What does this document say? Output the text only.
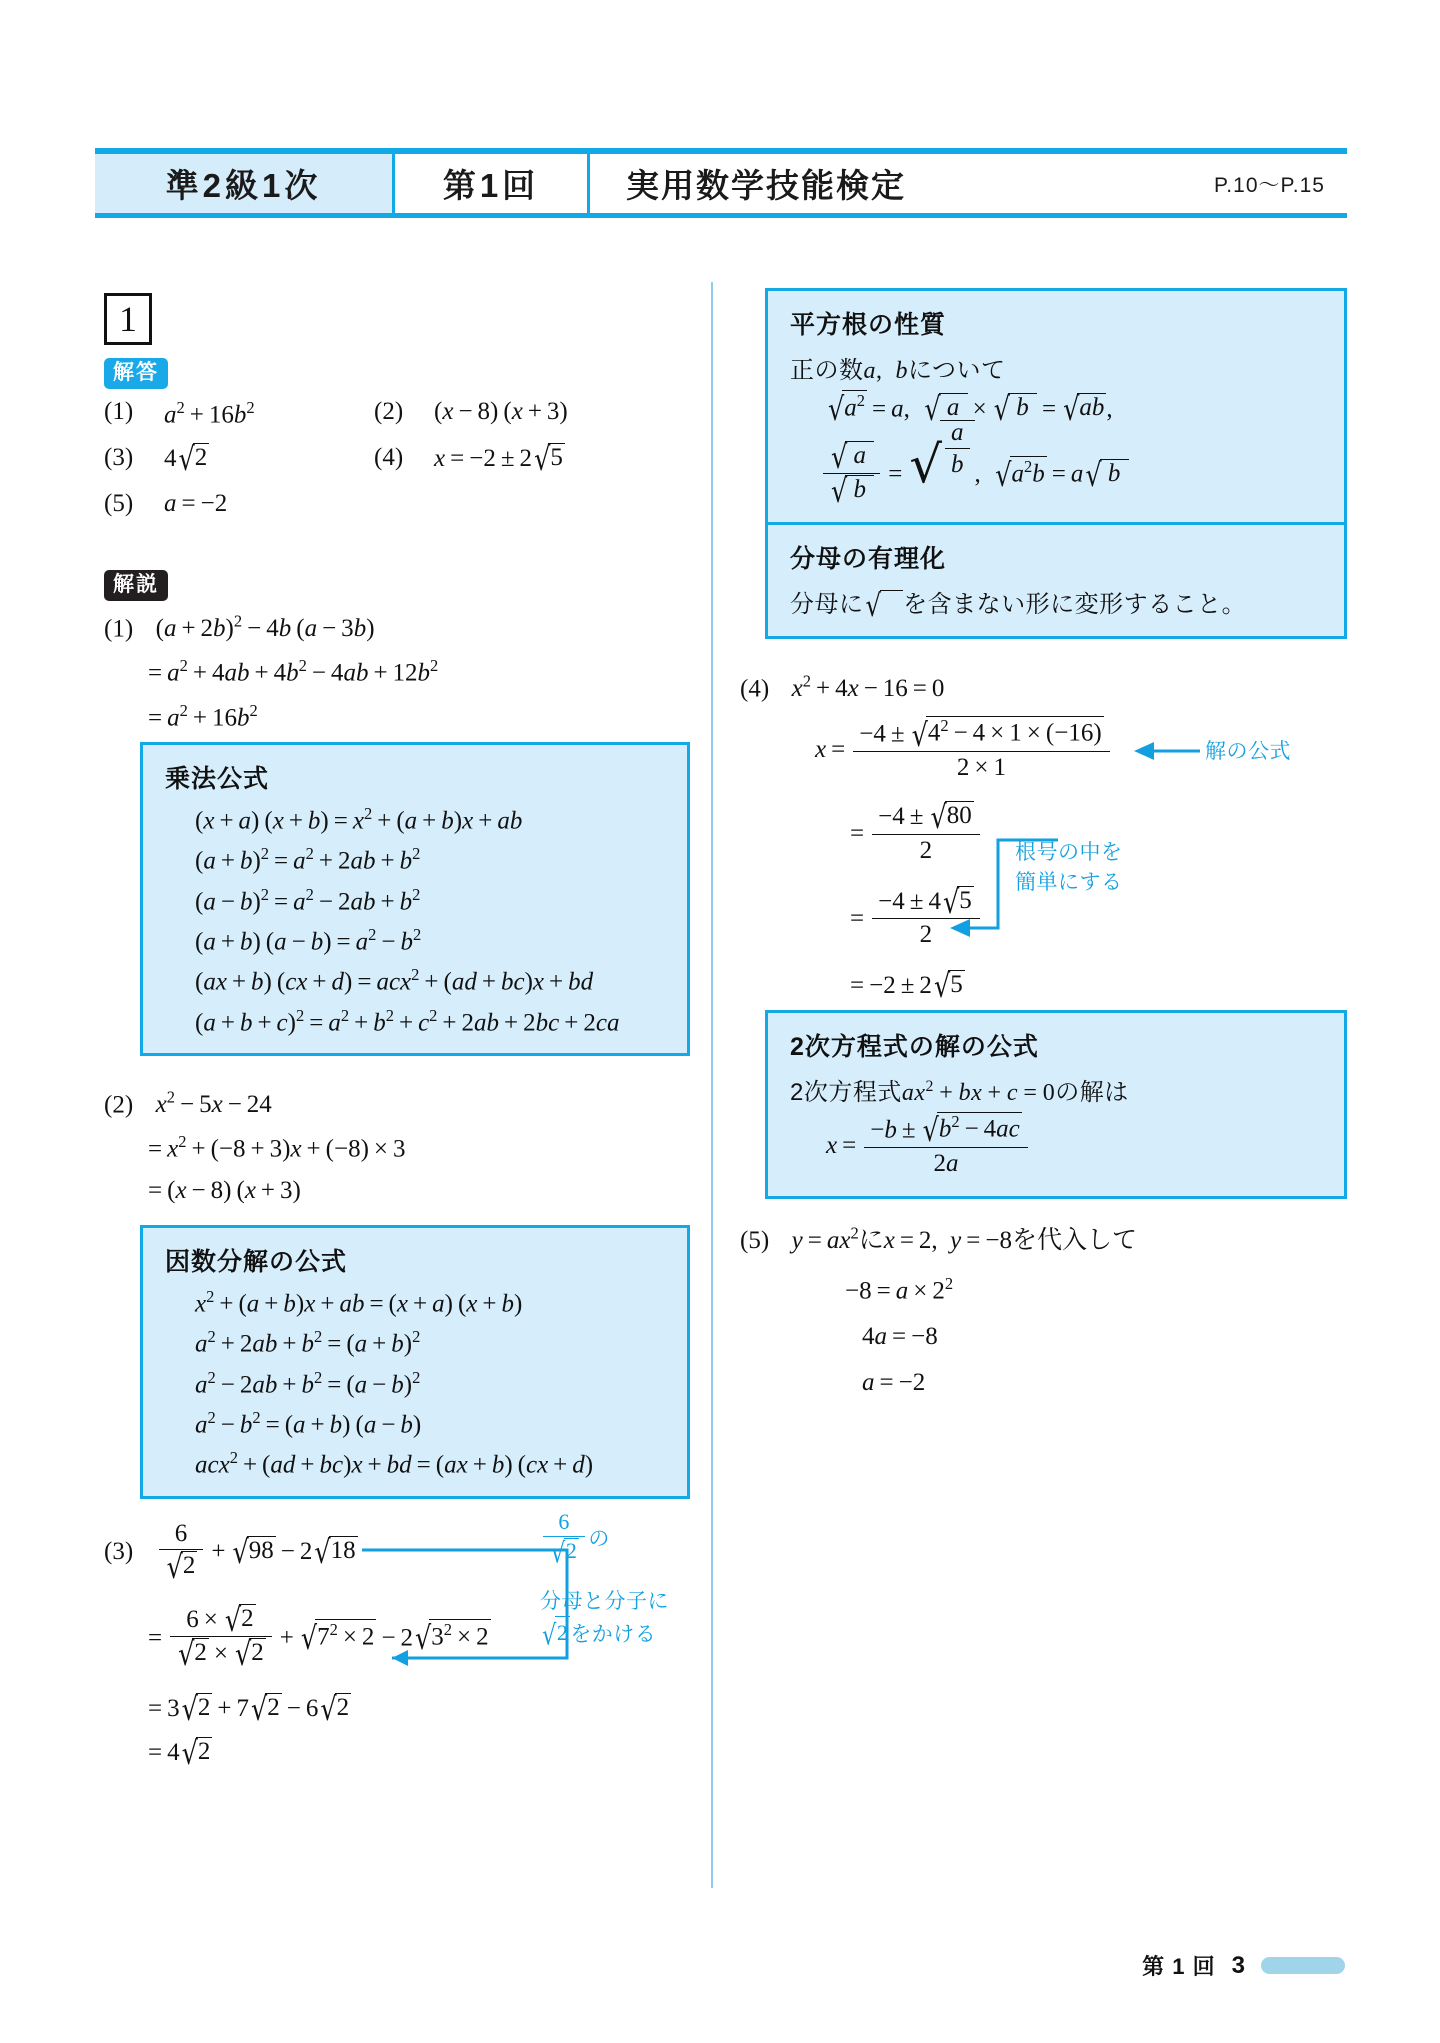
準2級1次	第1回	実用数学技能検定	P.10〜P.15
1
解答
(1)	$a^2 + 16b^2$	(2)	(x − 8) (x + 3)
(3)	4√2	(4)	x = −2 ± 2√5
(5)	a = −2
解説
(1) $(a + 2b)^2 - 4b$ (a − 3b)
= $a^2 + 4ab + 4b^2 - 4ab + 12b^2$
= $a^2 + 16b^2$
乗法公式
(x + a) $(x + b) = x^2 + (a + b)x$ + ab
$(a + b)^2 = a^2 + 2ab + b^2$
$(a - b)^2 = a^2 - 2ab + b^2$
(a + b) $(a - b) = a^2 - b^2$
(ax + b) (cx + d) = acx$^2$ + (ad + bc)x + bd
$(a + b + c)^2 = a^2 + b^2 + c^2 + 2ab + 2bc + 2ca$
(2) $x^2 - 5x - 24$
= $x^2 + (-8 + 3)x + (-8) \times 3$
= (x − 8) (x + 3)
因数分解の公式
$x^2 + (a + b)x$ + ab = (x + a) (x + b)
$a^2 + 2ab + b^2 = (a + b)^2$
$a^2 - 2ab + b^2 = (a - b)^2$
$a^2 - b^2 = (a + b) (a - b)$
acx$^2$ + (ad + bc)x + bd = (ax + b) (cx + d)
$(3) \frac{6}{√2} + √98 - 2√18$
=  $\frac{6 \times √2}{√2 \times √2} + √7^2 \times 2 - 2√3^2 \times 2$
= 3√2 + 7√2 − 6√2
= 4√2
$\frac{6}{√2}$ の
分母と分子に
√2をかける
平方根の性質
正の数a,  bについて
$√a^2 = a$,  √ a  × √ b  = √ab,
$\frac{√ a}{√ b}$  =  √ $\frac{a}{b}$ ,  $√a^2b = a√$ b
分母の有理化
分母に√ を含まない形に変形すること。
(4) $x^2 + 4x - 16 = 0$
$x = \frac{-4 \pm √4^2 - 4 \times 1 \times (-16)}{2 \times 1}$
=  $\frac{-4 \pm √80}{2}$
=  $\frac{-4 \pm 4√5}{2}$
= −2 ± 2√5
解の公式
根号の中を
簡単にする
2次方程式の解の公式
2次方程式$ax^2$ + bx + c = 0の解は
$x = \frac{-b \pm √b^2 - 4ac}{2a}$
(5) $y = ax^2$にx = 2,  y = −8を代入して
$-8 = a \times 2^2$
4a = −8
a = −2
第 1 回 3
